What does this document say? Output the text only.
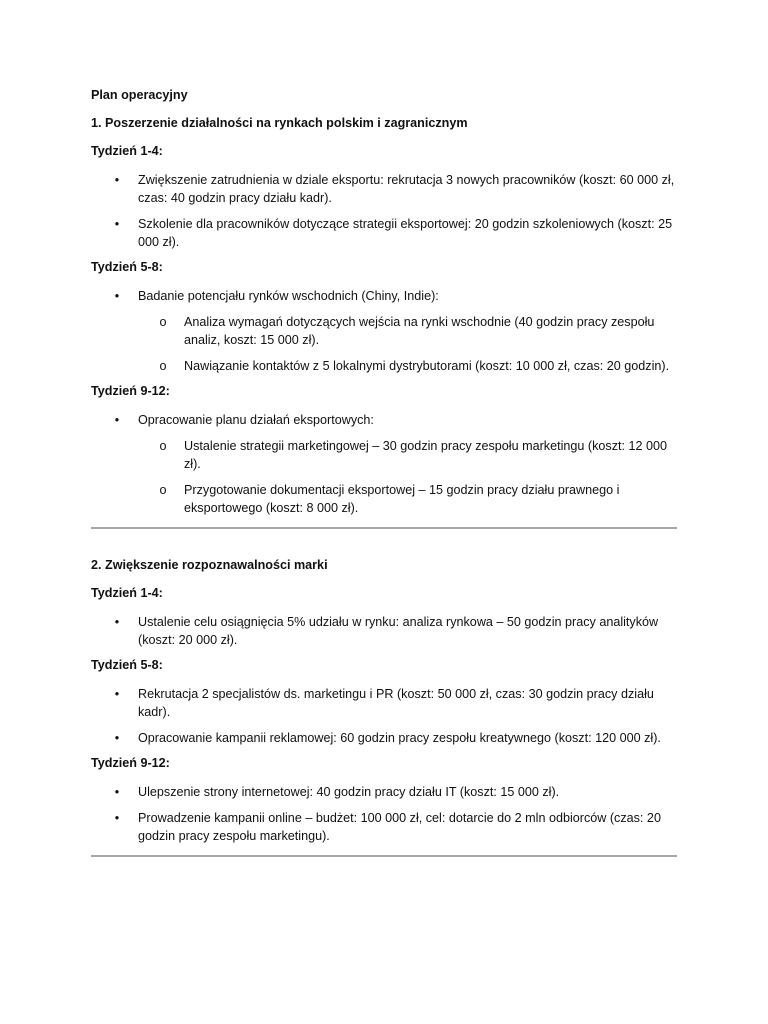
Plan operacyjny
1. Poszerzenie działalności na rynkach polskim i zagranicznym
Tydzień 1-4:
• Zwiększenie zatrudnienia w dziale eksportu: rekrutacja 3 nowych pracowników (koszt: 60 000 zł, czas: 40 godzin pracy działu kadr).
• Szkolenie dla pracowników dotyczące strategii eksportowej: 20 godzin szkoleniowych (koszt: 25 000 zł).
Tydzień 5-8:
• Badanie potencjału rynków wschodnich (Chiny, Indie):
o Analiza wymagań dotyczących wejścia na rynki wschodnie (40 godzin pracy zespołu analiz, koszt: 15 000 zł).
o Nawiązanie kontaktów z 5 lokalnymi dystrybutorami (koszt: 10 000 zł, czas: 20 godzin).
Tydzień 9-12:
• Opracowanie planu działań eksportowych:
o Ustalenie strategii marketingowej – 30 godzin pracy zespołu marketingu (koszt: 12 000 zł).
o Przygotowanie dokumentacji eksportowej – 15 godzin pracy działu prawnego i eksportowego (koszt: 8 000 zł).
2. Zwiększenie rozpoznawalności marki
Tydzień 1-4:
• Ustalenie celu osiągnięcia 5% udziału w rynku: analiza rynkowa – 50 godzin pracy analityków (koszt: 20 000 zł).
Tydzień 5-8:
• Rekrutacja 2 specjalistów ds. marketingu i PR (koszt: 50 000 zł, czas: 30 godzin pracy działu kadr).
• Opracowanie kampanii reklamowej: 60 godzin pracy zespołu kreatywnego (koszt: 120 000 zł).
Tydzień 9-12:
• Ulepszenie strony internetowej: 40 godzin pracy działu IT (koszt: 15 000 zł).
• Prowadzenie kampanii online – budżet: 100 000 zł, cel: dotarcie do 2 mln odbiorców (czas: 20 godzin pracy zespołu marketingu).
